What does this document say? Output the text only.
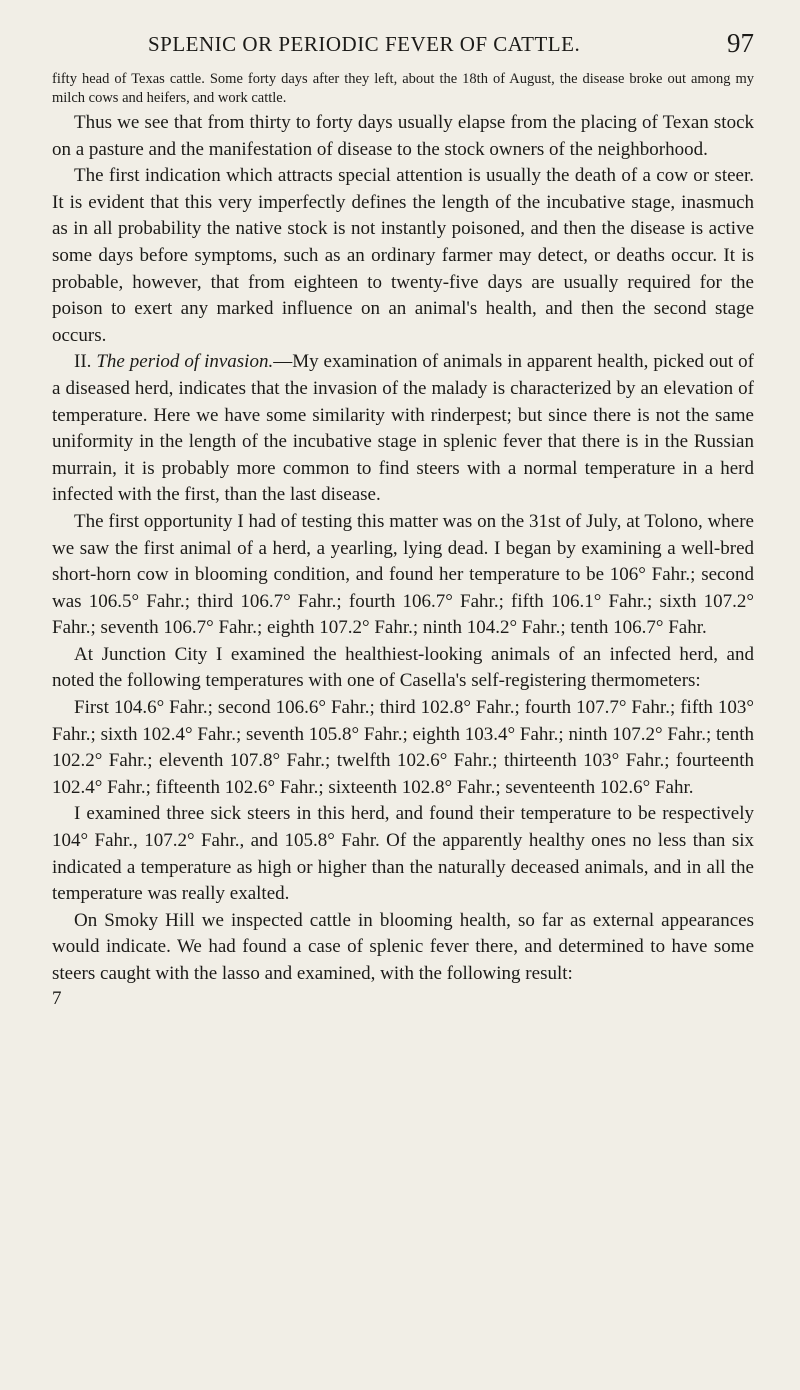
SPLENIC OR PERIODIC FEVER OF CATTLE.	97

fifty head of Texas cattle. Some forty days after they left, about the 18th of August, the disease broke out among my milch cows and heifers, and work cattle.

Thus we see that from thirty to forty days usually elapse from the placing of Texan stock on a pasture and the manifestation of disease to the stock owners of the neighborhood.

The first indication which attracts special attention is usually the death of a cow or steer. It is evident that this very imperfectly defines the length of the incubative stage, inasmuch as in all probability the native stock is not instantly poisoned, and then the disease is active some days before symptoms, such as an ordinary farmer may detect, or deaths occur. It is probable, however, that from eighteen to twenty-five days are usually required for the poison to exert any marked influence on an animal's health, and then the second stage occurs.

II. The period of invasion.—My examination of animals in apparent health, picked out of a diseased herd, indicates that the invasion of the malady is characterized by an elevation of temperature. Here we have some similarity with rinderpest; but since there is not the same uniformity in the length of the incubative stage in splenic fever that there is in the Russian murrain, it is probably more common to find steers with a normal temperature in a herd infected with the first, than the last disease.

The first opportunity I had of testing this matter was on the 31st of July, at Tolono, where we saw the first animal of a herd, a yearling, lying dead. I began by examining a well-bred short-horn cow in blooming condition, and found her temperature to be 106° Fahr.; second was 106.5° Fahr.; third 106.7° Fahr.; fourth 106.7° Fahr.; fifth 106.1° Fahr.; sixth 107.2° Fahr.; seventh 106.7° Fahr.; eighth 107.2° Fahr.; ninth 104.2° Fahr.; tenth 106.7° Fahr.

At Junction City I examined the healthiest-looking animals of an infected herd, and noted the following temperatures with one of Casella's self-registering thermometers:

First 104.6° Fahr.; second 106.6° Fahr.; third 102.8° Fahr.; fourth 107.7° Fahr.; fifth 103° Fahr.; sixth 102.4° Fahr.; seventh 105.8° Fahr.; eighth 103.4° Fahr.; ninth 107.2° Fahr.; tenth 102.2° Fahr.; eleventh 107.8° Fahr.; twelfth 102.6° Fahr.; thirteenth 103° Fahr.; fourteenth 102.4° Fahr.; fifteenth 102.6° Fahr.; sixteenth 102.8° Fahr.; seventeenth 102.6° Fahr.

I examined three sick steers in this herd, and found their temperature to be respectively 104° Fahr., 107.2° Fahr., and 105.8° Fahr. Of the apparently healthy ones no less than six indicated a temperature as high or higher than the naturally deceased animals, and in all the temperature was really exalted.

On Smoky Hill we inspected cattle in blooming health, so far as external appearances would indicate. We had found a case of splenic fever there, and determined to have some steers caught with the lasso and examined, with the following result:

7
